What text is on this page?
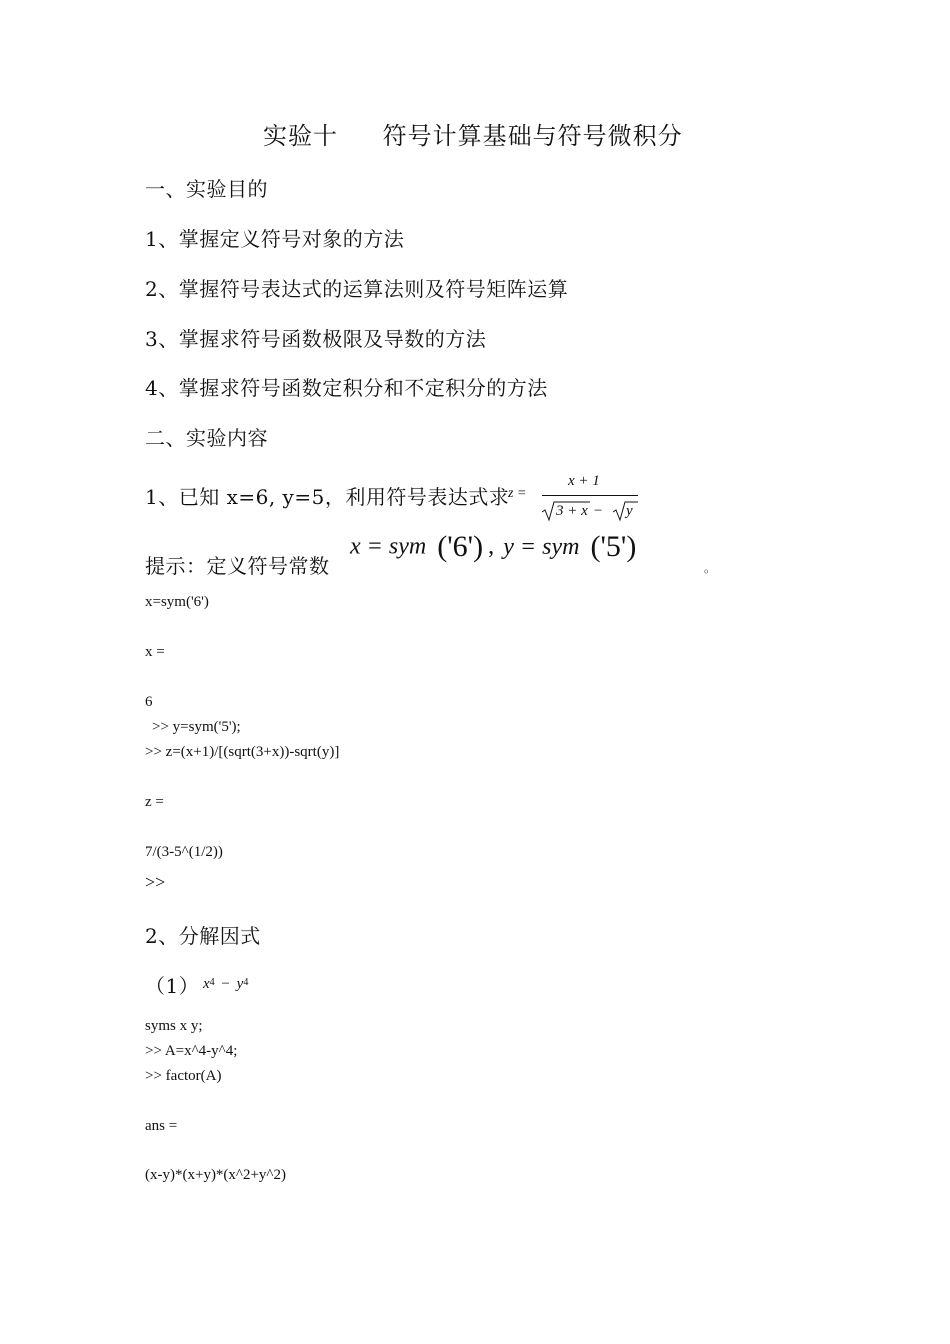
实验十 符号计算基础与符号微积分
一、实验目的
1、掌握定义符号对象的方法
2、掌握符号表达式的运算法则及符号矩阵运算
3、掌握求符号函数极限及导数的方法
4、掌握求符号函数定积分和不定积分的方法
二、实验内容
1、已知 x=6, y=5，利用符号表达式求
z =
x + 1
3 + x − y
提示：定义符号常数
x = sym ('6') , y = sym ('5')
。
x=sym('6')
x =
6
>> y=sym('5');
>> z=(x+1)/[(sqrt(3+x))-sqrt(y)]
z =
7/(3-5^(1/2))
>>
2、分解因式
（1） $x^4 - y^4$
syms x y;
>> A=x^4-y^4;
>> factor(A)
ans =
(x-y)*(x+y)*(x^2+y^2)
